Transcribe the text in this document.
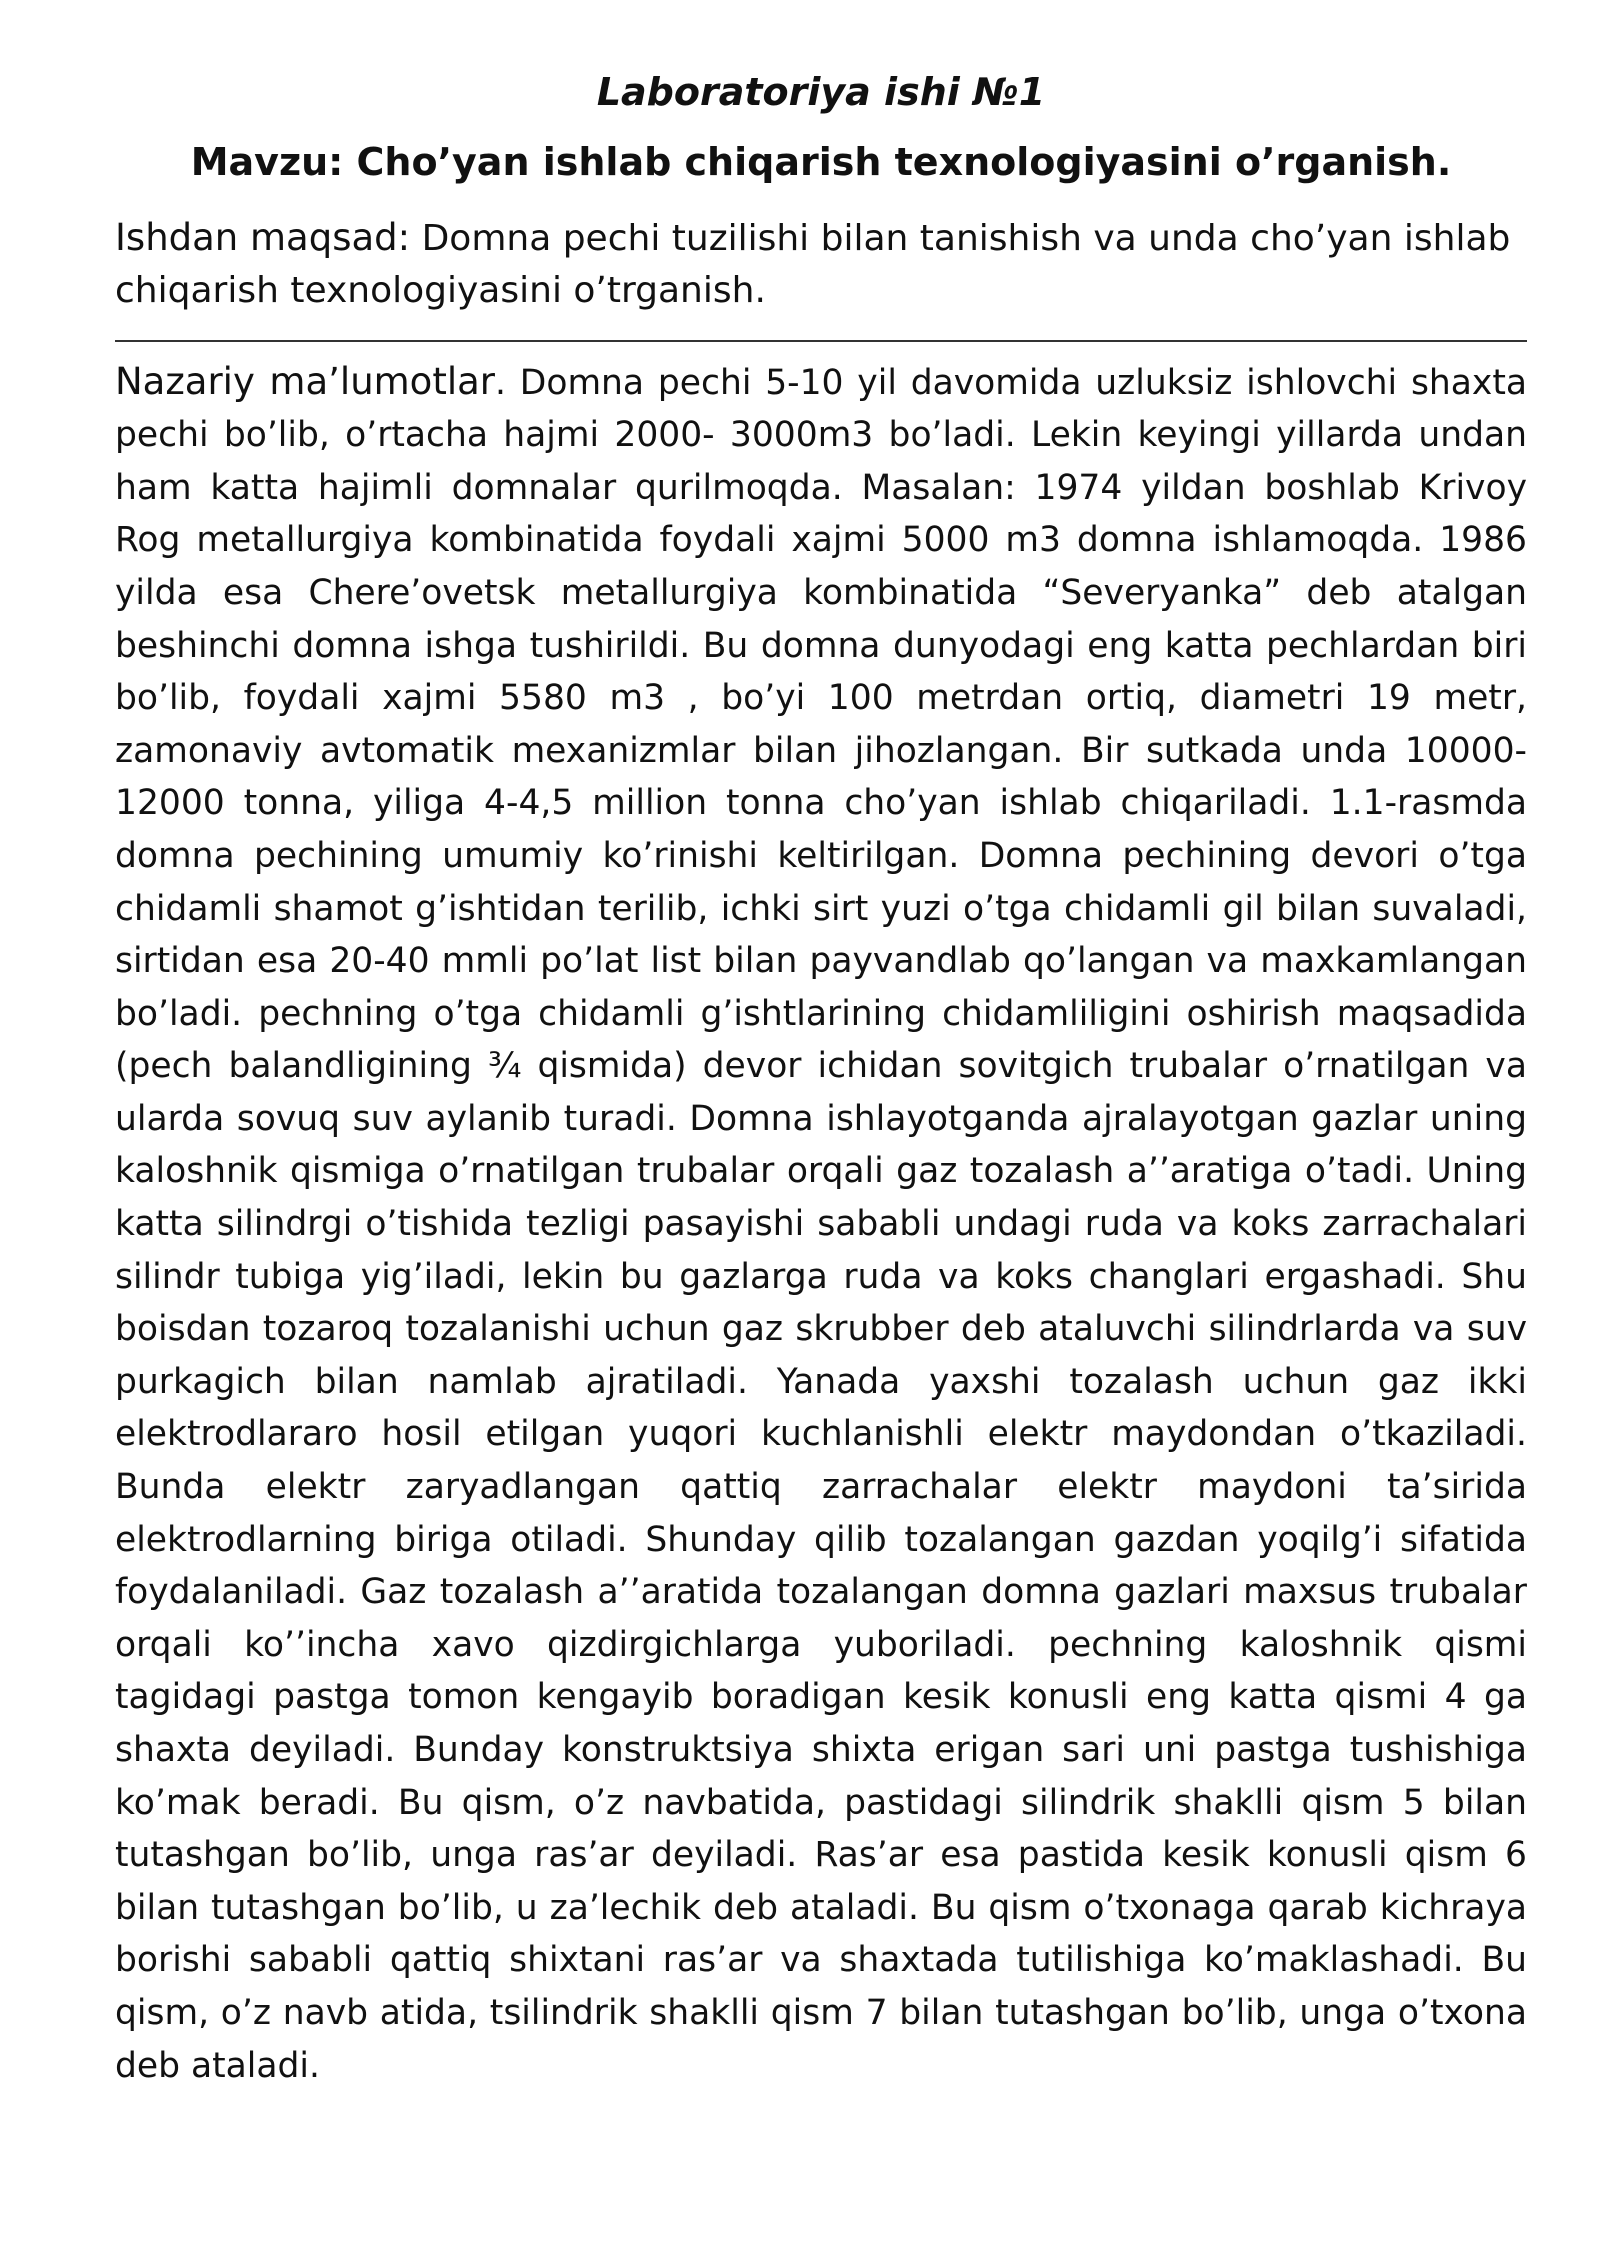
Laboratoriya ishi №1
Mavzu: Cho’yan ishlab chiqarish texnologiyasini o’rganish.

Ishdan maqsad: Domna pechi tuzilishi bilan tanishish va unda cho’yan ishlab chiqarish texnologiyasini o’trganish.

Nazariy ma’lumotlar. Domna pechi 5-10 yil davomida uzluksiz ishlovchi shaxta pechi bo’lib, o’rtacha hajmi 2000- 3000m3 bo’ladi. Lekin keyingi yillarda undan ham katta hajimli domnalar qurilmoqda. Masalan: 1974 yildan boshlab Krivoy Rog metallurgiya kombinatida foydali xajmi 5000 m3 domna ishlamoqda. 1986 yilda esa Chere’ovetsk metallurgiya kombinatida “Severyanka” deb atalgan beshinchi domna ishga tushirildi. Bu domna dunyodagi eng katta pechlardan biri bo’lib, foydali xajmi 5580 m3 , bo’yi 100 metrdan ortiq, diametri 19 metr, zamonaviy avtomatik mexanizmlar bilan jihozlangan. Bir sutkada unda 10000-12000 tonna, yiliga 4-4,5 million tonna cho’yan ishlab chiqariladi. 1.1-rasmda domna pechining umumiy ko’rinishi keltirilgan. Domna pechining devori o’tga chidamli shamot g’ishtidan terilib, ichki sirt yuzi o’tga chidamli gil bilan suvaladi, sirtidan esa 20-40 mmli po’lat list bilan payvandlab qo’langan va maxkamlangan bo’ladi. pechning o’tga chidamli g’ishtlarining chidamliligini oshirish maqsadida (pech balandligining ¾ qismida) devor ichidan sovitgich trubalar o’rnatilgan va ularda sovuq suv aylanib turadi. Domna ishlayotganda ajralayotgan gazlar uning kaloshnik qismiga o’rnatilgan trubalar orqali gaz tozalash a’’aratiga o’tadi. Uning katta silindrgi o’tishida tezligi pasayishi sababli undagi ruda va koks zarrachalari silindr tubiga yig’iladi, lekin bu gazlarga ruda va koks changlari ergashadi. Shu boisdan tozaroq tozalanishi uchun gaz skrubber deb ataluvchi silindrlarda va suv purkagich bilan namlab ajratiladi. Yanada yaxshi tozalash uchun gaz ikki elektrodlararo hosil etilgan yuqori kuchlanishli elektr maydondan o’tkaziladi. Bunda elektr zaryadlangan qattiq zarrachalar elektr maydoni ta’sirida elektrodlarning biriga otiladi. Shunday qilib tozalangan gazdan yoqilg’i sifatida foydalaniladi. Gaz tozalash a’’aratida tozalangan domna gazlari maxsus trubalar orqali ko’’incha xavo qizdirgichlarga yuboriladi. pechning kaloshnik qismi tagidagi pastga tomon kengayib boradigan kesik konusli eng katta qismi 4 ga shaxta deyiladi. Bunday konstruktsiya shixta erigan sari uni pastga tushishiga ko’mak beradi. Bu qism, o’z navbatida, pastidagi silindrik shaklli qism 5 bilan tutashgan bo’lib, unga ras’ar deyiladi. Ras’ar esa pastida kesik konusli qism 6 bilan tutashgan bo’lib, u za’lechik deb ataladi. Bu qism o’txonaga qarab kichraya borishi sababli qattiq shixtani ras’ar va shaxtada tutilishiga ko’maklashadi. Bu qism, o’z navb atida, tsilindrik shaklli qism 7 bilan tutashgan bo’lib, unga o’txona deb ataladi.
